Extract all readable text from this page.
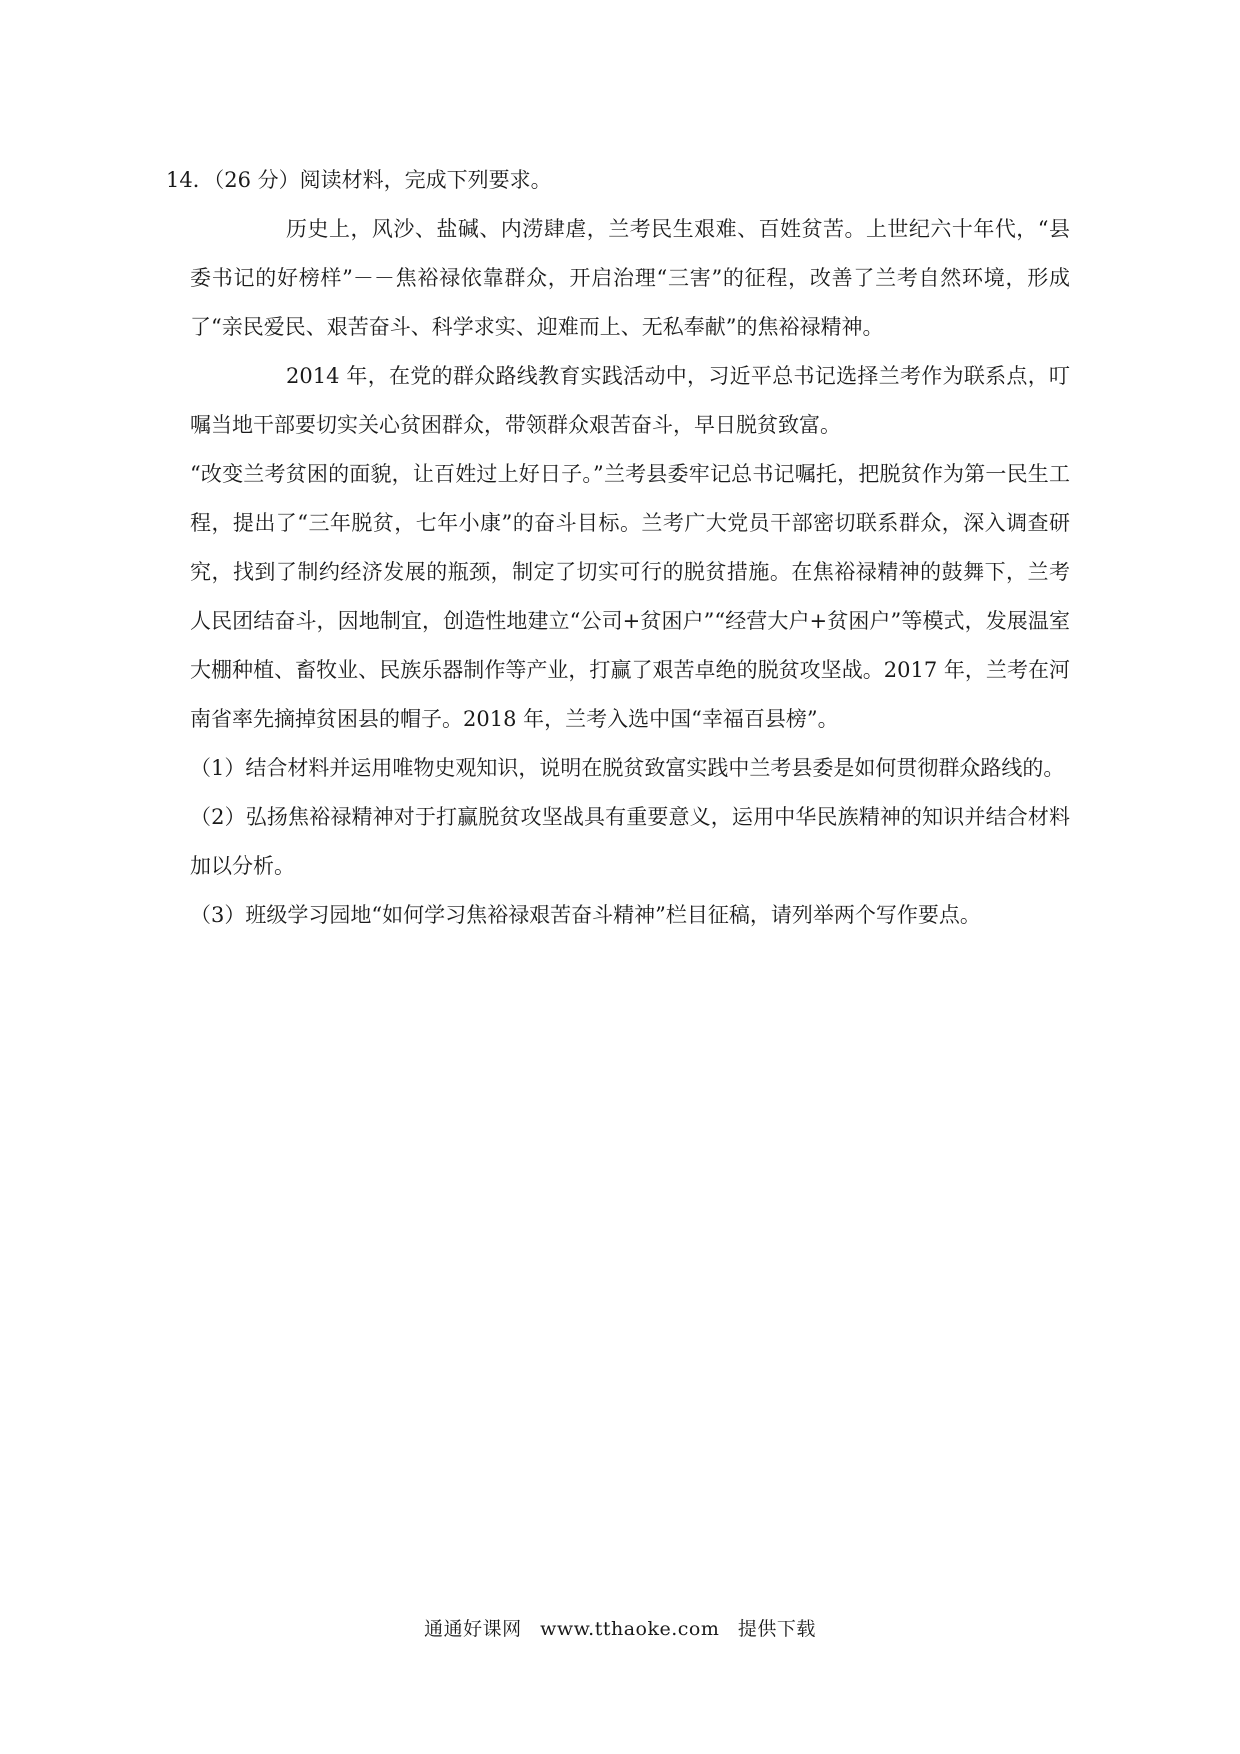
14．（26 分）阅读材料，完成下列要求。

历史上，风沙、盐碱、内涝肆虐，兰考民生艰难、百姓贫苦。上世纪六十年代，“县委书记的好榜样”－－焦裕禄依靠群众，开启治理“三害”的征程，改善了兰考自然环境，形成了“亲民爱民、艰苦奋斗、科学求实、迎难而上、无私奉献”的焦裕禄精神。

2014 年，在党的群众路线教育实践活动中，习近平总书记选择兰考作为联系点，叮嘱当地干部要切实关心贫困群众，带领群众艰苦奋斗，早日脱贫致富。

“改变兰考贫困的面貌，让百姓过上好日子。”兰考县委牢记总书记嘱托，把脱贫作为第一民生工程，提出了“三年脱贫，七年小康”的奋斗目标。兰考广大党员干部密切联系群众，深入调查研究，找到了制约经济发展的瓶颈，制定了切实可行的脱贫措施。在焦裕禄精神的鼓舞下，兰考人民团结奋斗，因地制宜，创造性地建立“公司+贫困户”“经营大户+贫困户”等模式，发展温室大棚种植、畜牧业、民族乐器制作等产业，打赢了艰苦卓绝的脱贫攻坚战。2017 年，兰考在河南省率先摘掉贫困县的帽子。2018 年，兰考入选中国“幸福百县榜”。

（1）结合材料并运用唯物史观知识，说明在脱贫致富实践中兰考县委是如何贯彻群众路线的。

（2）弘扬焦裕禄精神对于打赢脱贫攻坚战具有重要意义，运用中华民族精神的知识并结合材料加以分析。

（3）班级学习园地“如何学习焦裕禄艰苦奋斗精神”栏目征稿，请列举两个写作要点。

通通好课网 www.tthaoke.com 提供下载
